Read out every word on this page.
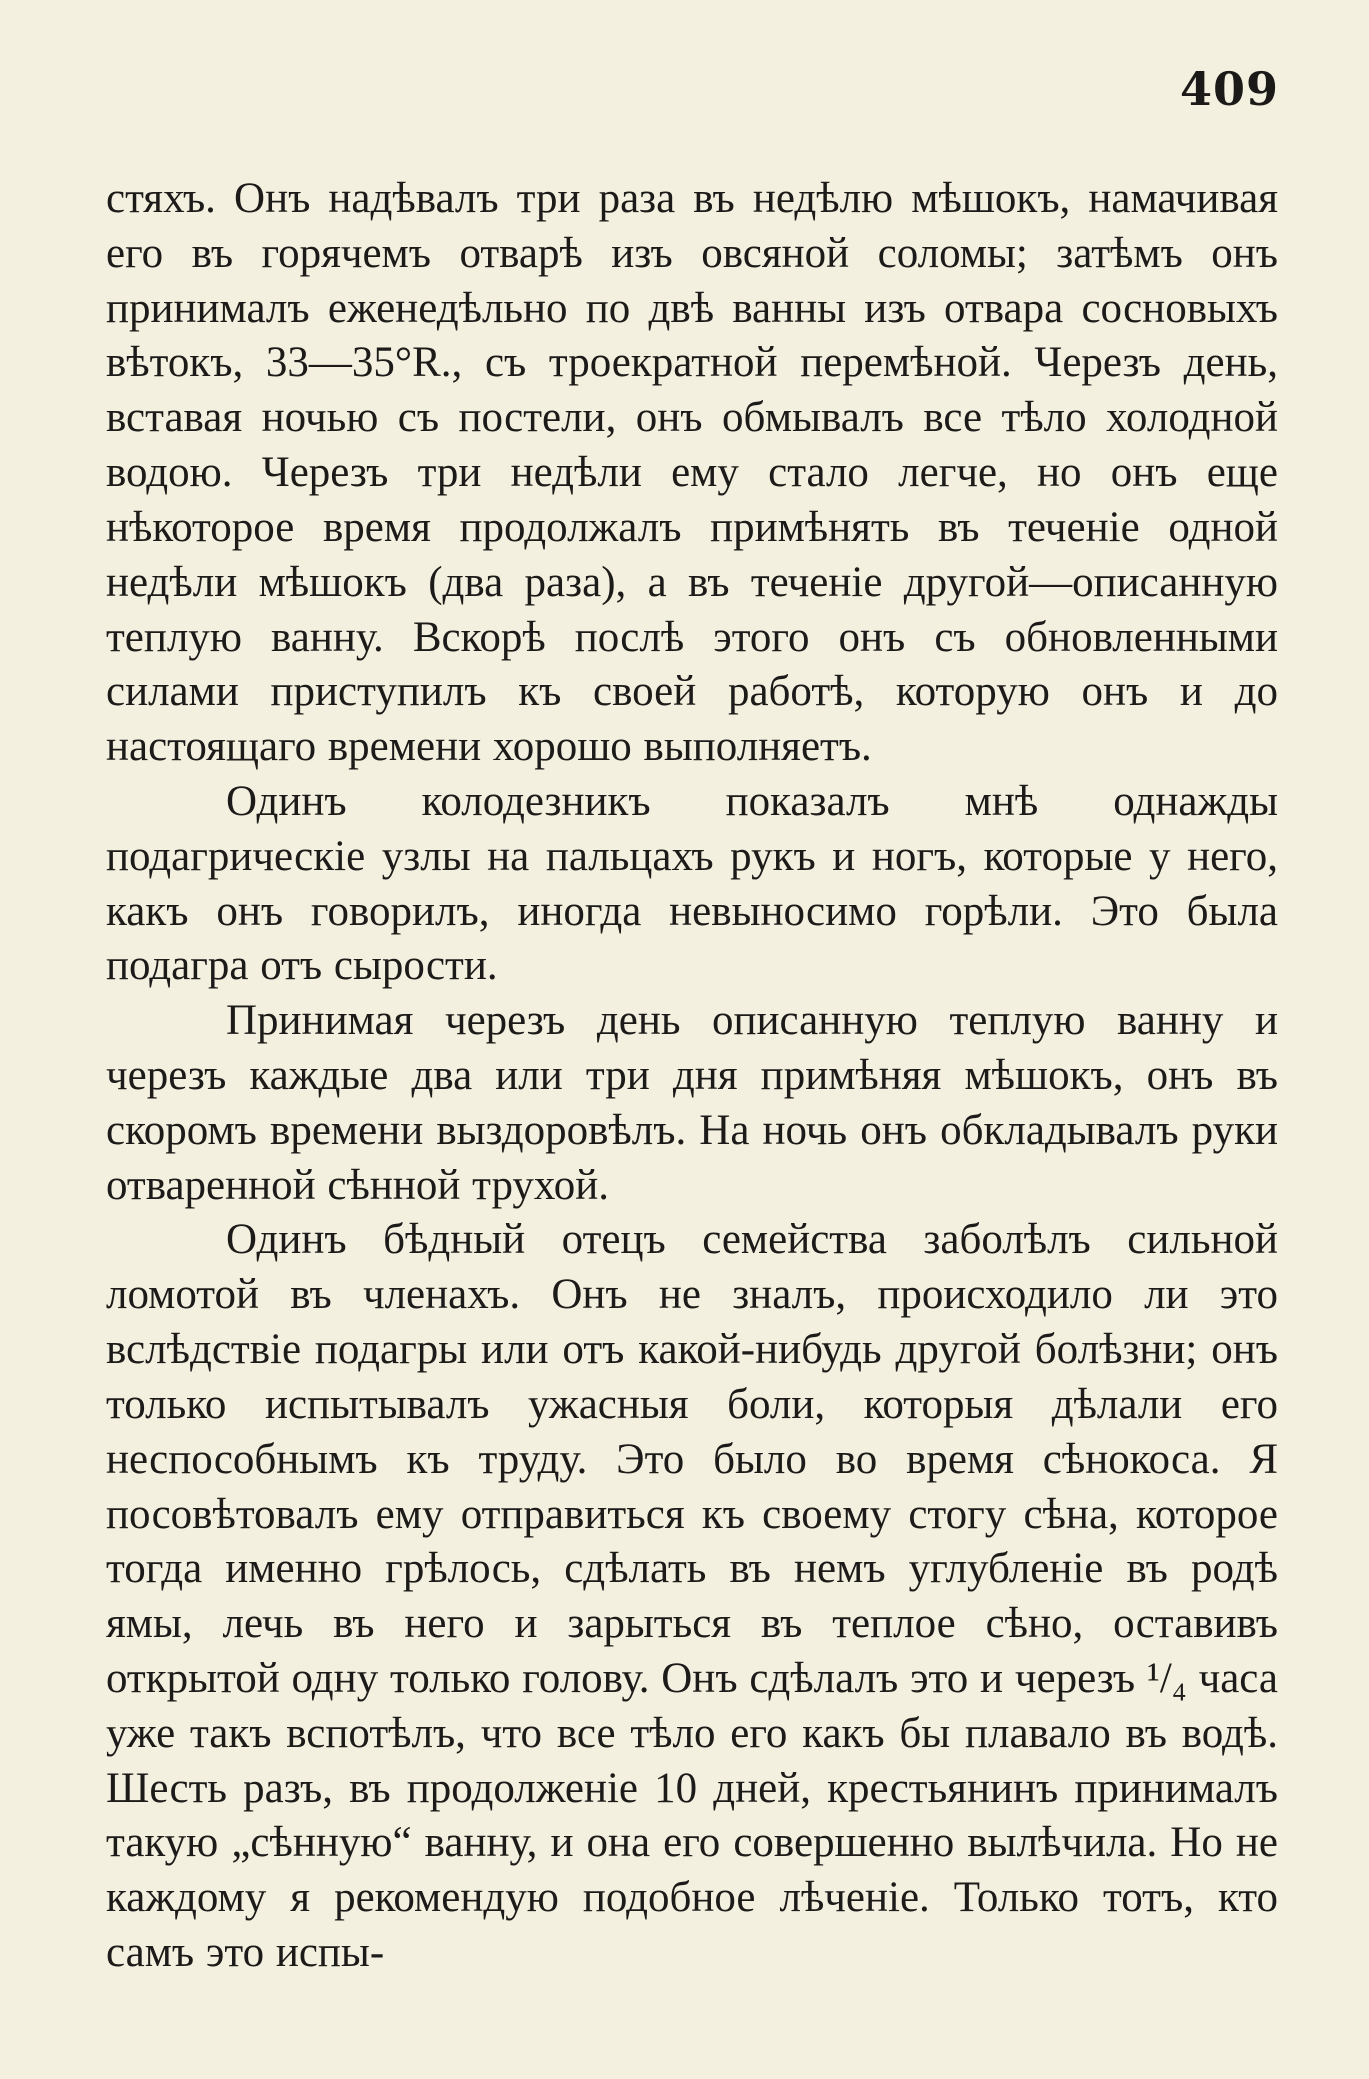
409

стяхъ. Онъ надѣвалъ три раза въ недѣлю мѣшокъ, намачивая его въ горячемъ отварѣ изъ овсяной соломы; затѣмъ онъ принималъ еженедѣльно по двѣ ванны изъ отвара сосновыхъ вѣтокъ, 33—35°R., съ троекратной перемѣной. Черезъ день, вставая ночью съ постели, онъ обмывалъ все тѣло холодной водою. Черезъ три недѣли ему стало легче, но онъ еще нѣкоторое время продолжалъ примѣнять въ теченіе одной недѣли мѣшокъ (два раза), а въ теченіе другой—описанную теплую ванну. Вскорѣ послѣ этого онъ съ обновленными силами приступилъ къ своей работѣ, которую онъ и до настоящаго времени хорошо выполняетъ.

Одинъ колодезникъ показалъ мнѣ однажды подагрическіе узлы на пальцахъ рукъ и ногъ, которые у него, какъ онъ говорилъ, иногда невыносимо горѣли. Это была подагра отъ сырости.

Принимая черезъ день описанную теплую ванну и черезъ каждые два или три дня примѣняя мѣшокъ, онъ въ скоромъ времени выздоровѣлъ. На ночь онъ обкладывалъ руки отваренной сѣнной трухой.

Одинъ бѣдный отецъ семейства заболѣлъ сильной ломотой въ членахъ. Онъ не зналъ, происходило ли это вслѣдствіе подагры или отъ какой-нибудь другой болѣзни; онъ только испытывалъ ужасныя боли, которыя дѣлали его неспособнымъ къ труду. Это было во время сѣнокоса. Я посовѣтовалъ ему отправиться къ своему стогу сѣна, которое тогда именно грѣлось, сдѣлать въ немъ углубленіе въ родѣ ямы, лечь въ него и зарыться въ теплое сѣно, оставивъ открытой одну только голову. Онъ сдѣлалъ это и черезъ ¹/₄ часа уже такъ вспотѣлъ, что все тѣло его какъ бы плавало въ водѣ. Шесть разъ, въ продолженіе 10 дней, крестьянинъ принималъ такую „сѣнную“ ванну, и она его совершенно вылѣчила. Но не каждому я рекомендую подобное лѣченіе. Только тотъ, кто самъ это испы-
